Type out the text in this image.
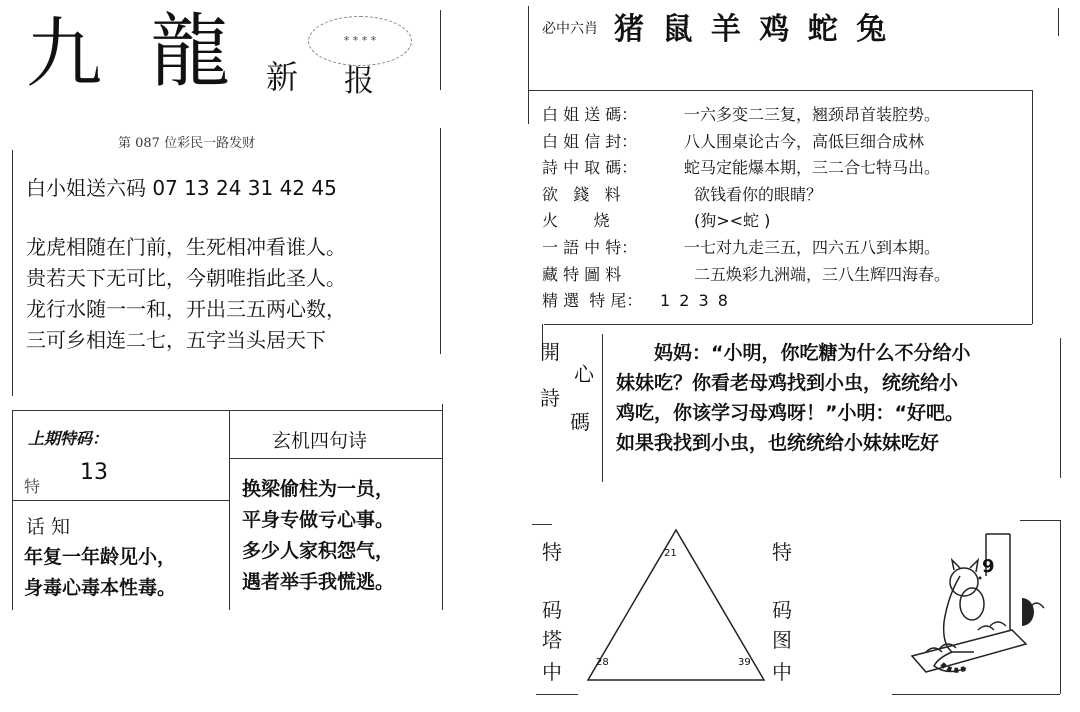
九 龍 新 报
* * * *
第 087 位彩民一路发财
白小姐送六码 07 13 24 31 42 45
龙虎相随在门前，生死相冲看谁人。
贵若天下无可比，今朝唯指此圣人。
龙行水随一一和，开出三五两心数，
三可乡相连二七，五字当头居天下
上期特码：
特
13
话 知
年复一年龄见小，
身毒心毒本性毒。
玄机四句诗
换梁偷柱为一员，
平身专做亏心事。
多少人家积怨气，
遇者举手我慌逃。
必中六肖 猪 鼠 羊 鸡 蛇 兔
白 姐 送 碼：	一六多变二三复，翘颈昂首装腔势。
白 姐 信 封：	八人围桌论古今，高低巨细合成林
詩 中 取 碼：	蛇马定能爆本期，三二合七特马出。
欲   錢   料	欲钱看你的眼睛？
火       烧	(狗><蛇 )
一 語 中 特：	一七对九走三五，四六五八到本期。
藏 特 圖 料	二五焕彩九洲端，三八生辉四海春。
精 選  特 尾： 1 2 3 8
開
詩
心
碼
妈妈：“小明，你吃糖为什么不分给小
妹妹吃？你看老母鸡找到小虫，统统给小
鸡吃，你该学习母鸡呀！”小明：“好吧。
如果我找到小虫，也统统给小妹妹吃好
特
码
塔
中
特
码
图
中
21
28	39
9
